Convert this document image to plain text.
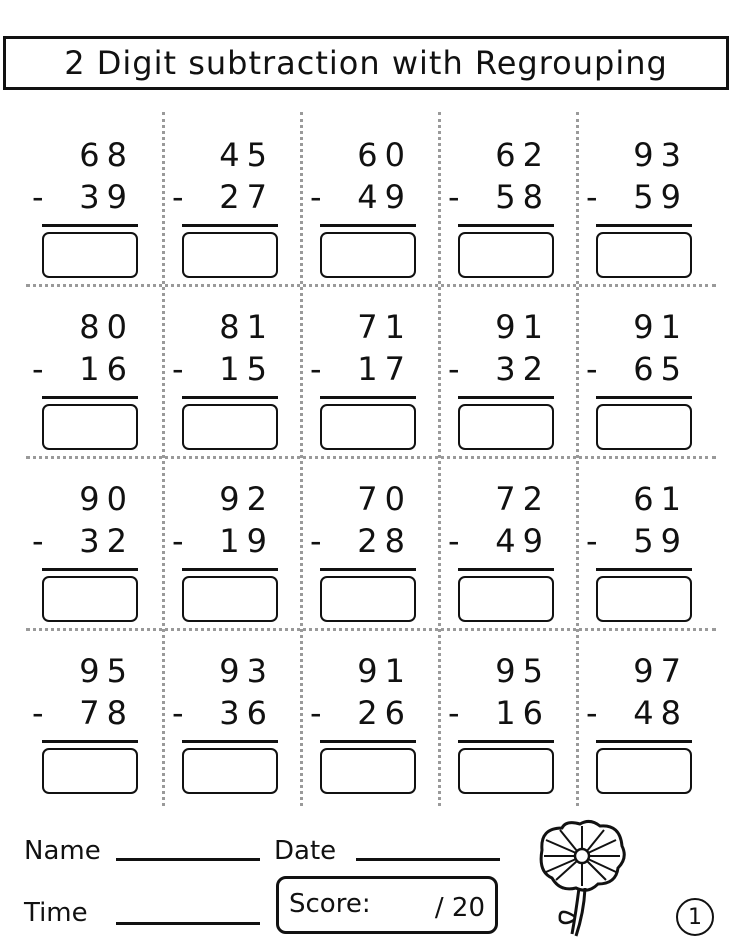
2 Digit subtraction with Regrouping
68
- 39
45
- 27
60
- 49
62
- 58
93
- 59
80
- 16
81
- 15
71
- 17
91
- 32
91
- 65
90
- 32
92
- 19
70
- 28
72
- 49
61
- 59
95
- 78
93
- 36
91
- 26
95
- 16
97
- 48
Name	Date
Time	Score: / 20	1
